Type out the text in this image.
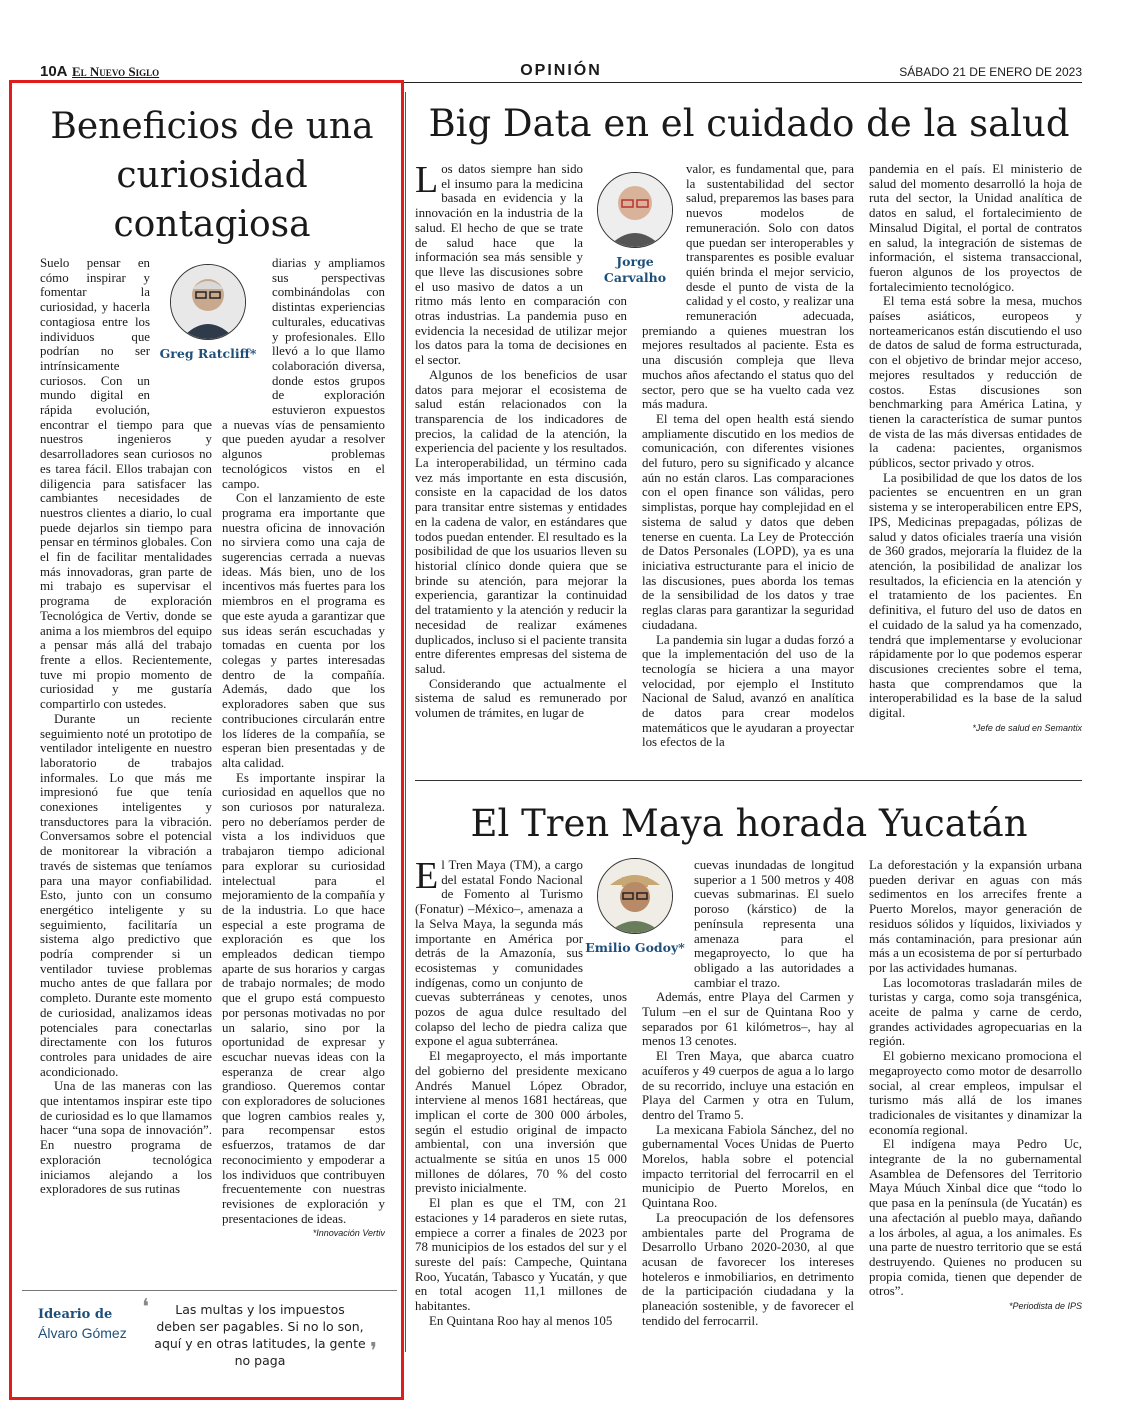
10A El Nuevo Siglo	OPINIÓN	SÁBADO 21 DE ENERO DE 2023
Beneficios de una curiosidad contagiosa
Greg Ratcliff*

Suelo pensar en cómo inspirar y fomentar la curiosidad, y hacerla contagiosa entre los individuos que podrían no ser intrínsicamente curiosos. Con un mundo digital en rápida evolución, encontrar el tiempo para que nuestros ingenieros y desarrolladores sean curiosos no es tarea fácil. Ellos trabajan con diligencia para satisfacer las cambiantes necesidades de nuestros clientes a diario, lo cual puede dejarlos sin tiempo para pensar en términos globales. Con el fin de facilitar mentalidades más innovadoras, gran parte de mi trabajo es supervisar el programa de exploración Tecnológica de Vertiv, donde se anima a los miembros del equipo a pensar más allá del trabajo frente a ellos. Recientemente, tuve mi propio momento de curiosidad y me gustaría compartirlo con ustedes.

Durante un reciente seguimiento noté un prototipo de ventilador inteligente en nuestro laboratorio de trabajos informales. Lo que más me impresionó fue que tenía conexiones inteligentes y transductores para la vibración. Conversamos sobre el potencial de monitorear la vibración a través de sistemas que teníamos para una mayor confiabilidad. Esto, junto con un consumo energético inteligente y su seguimiento, facilitaría un sistema algo predictivo que podría comprender si un ventilador tuviese problemas mucho antes de que fallara por completo. Durante este momento de curiosidad, analizamos ideas potenciales para conectarlas directamente con los futuros controles para unidades de aire acondicionado.

Una de las maneras con las que intentamos inspirar este tipo de curiosidad es lo que llamamos hacer “una sopa de innovación”. En nuestro programa de exploración tecnológica iniciamos alejando a los exploradores de sus rutinas

diarias y ampliamos sus perspectivas combinándolas con distintas experiencias culturales, educativas y profesionales. Ello llevó a lo que llamo colaboración diversa, donde estos grupos de exploración estuvieron expuestos a nuevas vías de pensamiento que pueden ayudar a resolver algunos problemas tecnológicos vistos en el campo.

Con el lanzamiento de este programa era importante que nuestra oficina de innovación no sirviera como una caja de sugerencias cerrada a nuevas ideas. Más bien, uno de los incentivos más fuertes para los miembros en el programa es que este ayuda a garantizar que sus ideas serán escuchadas y tomadas en cuenta por los colegas y partes interesadas dentro de la compañía. Además, dado que los exploradores saben que sus contribuciones circularán entre los líderes de la compañía, se esperan bien presentadas y de alta calidad.

Es importante inspirar la curiosidad en aquellos que no son curiosos por naturaleza. pero no deberíamos perder de vista a los individuos que trabajaron tiempo adicional para explorar su curiosidad intelectual para el mejoramiento de la compañía y de la industria. Lo que hace especial a este programa de exploración es que los empleados dedican tiempo aparte de sus horarios y cargas de trabajo normales; de modo que el grupo está compuesto por personas motivadas no por un salario, sino por la oportunidad de expresar y escuchar nuevas ideas con la esperanza de crear algo grandioso. Queremos contar con exploradores de soluciones que logren cambios reales y, para recompensar estos esfuerzos, tratamos de dar reconocimiento y empoderar a los individuos que contribuyen frecuentemente con nuestras revisiones de exploración y presentaciones de ideas.

*Innovación Vertiv

Ideario de
Álvaro Gómez
❛	Las multas y los impuestos deben ser pagables. Si no lo son, aquí y en otras latitudes, la gente no paga	❜
Big Data en el cuidado de la salud
Jorge Carvalho

Los datos siempre han sido el insumo para la medicina basada en evidencia y la innovación en la industria de la salud. El hecho de que se trate de salud hace que la información sea más sensible y que lleve las discusiones sobre el uso masivo de datos a un ritmo más lento en comparación con otras industrias. La pandemia puso en evidencia la necesidad de utilizar mejor los datos para la toma de decisiones en el sector.

Algunos de los beneficios de usar datos para mejorar el ecosistema de salud están relacionados con la transparencia de los indicadores de precios, la calidad de la atención, la experiencia del paciente y los resultados. La interoperabilidad, un término cada vez más importante en esta discusión, consiste en la capacidad de los datos para transitar entre sistemas y entidades en la cadena de valor, en estándares que todos puedan entender. El resultado es la posibilidad de que los usuarios lleven su historial clínico donde quiera que se brinde su atención, para mejorar la experiencia, garantizar la continuidad del tratamiento y la atención y reducir la necesidad de realizar exámenes duplicados, incluso si el paciente transita entre diferentes empresas del sistema de salud.

Considerando que actualmente el sistema de salud es remunerado por volumen de trámites, en lugar de

valor, es fundamental que, para la sustentabilidad del sector salud, preparemos las bases para nuevos modelos de remuneración. Solo con datos que puedan ser interoperables y transparentes es posible evaluar quién brinda el mejor servicio, desde el punto de vista de la calidad y el costo, y realizar una remuneración adecuada, premiando a quienes muestran los mejores resultados al paciente. Esta es una discusión compleja que lleva muchos años afectando el status quo del sector, pero que se ha vuelto cada vez más madura.

El tema del open health está siendo ampliamente discutido en los medios de comunicación, con diferentes visiones del futuro, pero su significado y alcance aún no están claros. Las comparaciones con el open finance son válidas, pero simplistas, porque hay complejidad en el sistema de salud y datos que deben tenerse en cuenta. La Ley de Protección de Datos Personales (LOPD), ya es una iniciativa estructurante para el inicio de las discusiones, pues aborda los temas de la sensibilidad de los datos y trae reglas claras para garantizar la seguridad ciudadana.

La pandemia sin lugar a dudas forzó a que la implementación del uso de la tecnología se hiciera a una mayor velocidad, por ejemplo el Instituto Nacional de Salud, avanzó en analítica de datos para crear modelos matemáticos que le ayudaran a proyectar los efectos de la

pandemia en el país. El ministerio de salud del momento desarrolló la hoja de ruta del sector, la Unidad analítica de datos en salud, el fortalecimiento de Minsalud Digital, el portal de contratos en salud, la integración de sistemas de información, el sistema transaccional, fueron algunos de los proyectos de fortalecimiento tecnológico.

El tema está sobre la mesa, muchos países asiáticos, europeos y norteamericanos están discutiendo el uso de datos de salud de forma estructurada, con el objetivo de brindar mejor acceso, mejores resultados y reducción de costos. Estas discusiones son benchmarking para América Latina, y tienen la característica de sumar puntos de vista de las más diversas entidades de la cadena: pacientes, organismos públicos, sector privado y otros.

La posibilidad de que los datos de los pacientes se encuentren en un gran sistema y se interoperabilicen entre EPS, IPS, Medicinas prepagadas, pólizas de salud y datos oficiales traería una visión de 360 grados, mejoraría la fluidez de la atención, la posibilidad de analizar los resultados, la eficiencia en la atención y el tratamiento de los pacientes. En definitiva, el futuro del uso de datos en el cuidado de la salud ya ha comenzado, tendrá que implementarse y evolucionar rápidamente por lo que podemos esperar discusiones crecientes sobre el tema, hasta que comprendamos que la interoperabilidad es la base de la salud digital.

*Jefe de salud en Semantix

El Tren Maya horada Yucatán
Emilio Godoy*

El Tren Maya (TM), a cargo del estatal Fondo Nacional de Fomento al Turismo (Fonatur) –México–, amenaza a la Selva Maya, la segunda más importante en América por detrás de la Amazonía, sus ecosistemas y comunidades indígenas, como un conjunto de cuevas subterráneas y cenotes, unos pozos de agua dulce resultado del colapso del lecho de piedra caliza que expone el agua subterránea.

El megaproyecto, el más importante del gobierno del presidente mexicano Andrés Manuel López Obrador, interviene al menos 1681 hectáreas, que implican el corte de 300 000 árboles, según el estudio original de impacto ambiental, con una inversión que actualmente se sitúa en unos 15 000 millones de dólares, 70 % del costo previsto inicialmente.

El plan es que el TM, con 21 estaciones y 14 paraderos en siete rutas, empiece a correr a finales de 2023 por 78 municipios de los estados del sur y el sureste del país: Campeche, Quintana Roo, Yucatán, Tabasco y Yucatán, y que en total acogen 11,1 millones de habitantes.

En Quintana Roo hay al menos 105

cuevas inundadas de longitud superior a 1 500 metros y 408 cuevas submarinas. El suelo poroso (kárstico) de la península representa una amenaza para el megaproyecto, lo que ha obligado a las autoridades a cambiar el trazo.

Además, entre Playa del Carmen y Tulum –en el sur de Quintana Roo y separados por 61 kilómetros–, hay al menos 13 cenotes.

El Tren Maya, que abarca cuatro acuíferos y 49 cuerpos de agua a lo largo de su recorrido, incluye una estación en Playa del Carmen y otra en Tulum, dentro del Tramo 5.

La mexicana Fabiola Sánchez, del no gubernamental Voces Unidas de Puerto Morelos, habla sobre el potencial impacto territorial del ferrocarril en el municipio de Puerto Morelos, en Quintana Roo.

La preocupación de los defensores ambientales parte del Programa de Desarrollo Urbano 2020-2030, al que acusan de favorecer los intereses hoteleros e inmobiliarios, en detrimento de la participación ciudadana y la planeación sostenible, y de favorecer el tendido del ferrocarril.

La deforestación y la expansión urbana pueden derivar en aguas con más sedimentos en los arrecifes frente a Puerto Morelos, mayor generación de residuos sólidos y líquidos, lixiviados y más contaminación, para presionar aún más a un ecosistema de por sí perturbado por las actividades humanas.

Las locomotoras trasladarán miles de turistas y carga, como soja transgénica, aceite de palma y carne de cerdo, grandes actividades agropecuarias en la región.

El gobierno mexicano promociona el megaproyecto como motor de desarrollo social, al crear empleos, impulsar el turismo más allá de los imanes tradicionales de visitantes y dinamizar la economía regional.

El indígena maya Pedro Uc, integrante de la no gubernamental Asamblea de Defensores del Territorio Maya Múuch Xinbal dice que “todo lo que pasa en la península (de Yucatán) es una afectación al pueblo maya, dañando a los árboles, al agua, a los animales. Es una parte de nuestro territorio que se está destruyendo. Quienes no producen su propia comida, tienen que depender de otros”.

*Periodista de IPS
